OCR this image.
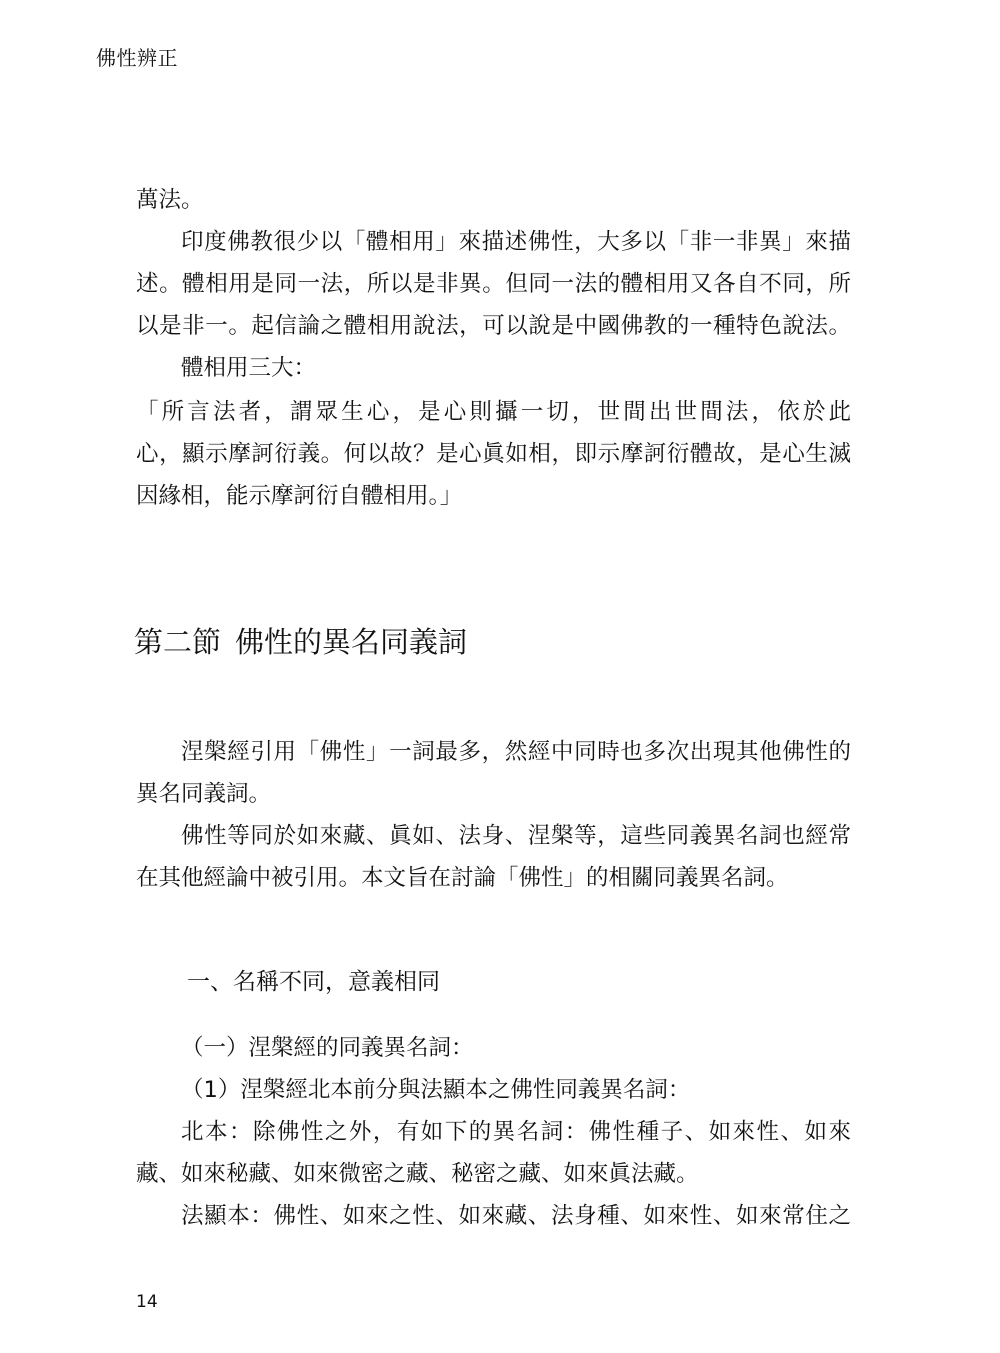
佛性辨正
萬法。
印度佛教很少以「體相用」來描述佛性，大多以「非一非異」來描
述。體相用是同一法，所以是非異。但同一法的體相用又各自不同，所
以是非一。起信論之體相用說法，可以說是中國佛教的一種特色說法。
體相用三大：
「所言法者，謂眾生心，是心則攝一切，世間出世間法，依於此
心，顯示摩訶衍義。何以故？是心眞如相，即示摩訶衍體故，是心生滅
因緣相，能示摩訶衍自體相用。」
第二節 佛性的異名同義詞
涅槃經引用「佛性」一詞最多，然經中同時也多次出現其他佛性的
異名同義詞。
佛性等同於如來藏、眞如、法身、涅槃等，這些同義異名詞也經常
在其他經論中被引用。本文旨在討論「佛性」的相關同義異名詞。
一、名稱不同，意義相同
（一）涅槃經的同義異名詞：
（1）涅槃經北本前分與法顯本之佛性同義異名詞：
北本：除佛性之外，有如下的異名詞：佛性種子、如來性、如來
藏、如來秘藏、如來微密之藏、秘密之藏、如來眞法藏。
法顯本：佛性、如來之性、如來藏、法身種、如來性、如來常住之
14
